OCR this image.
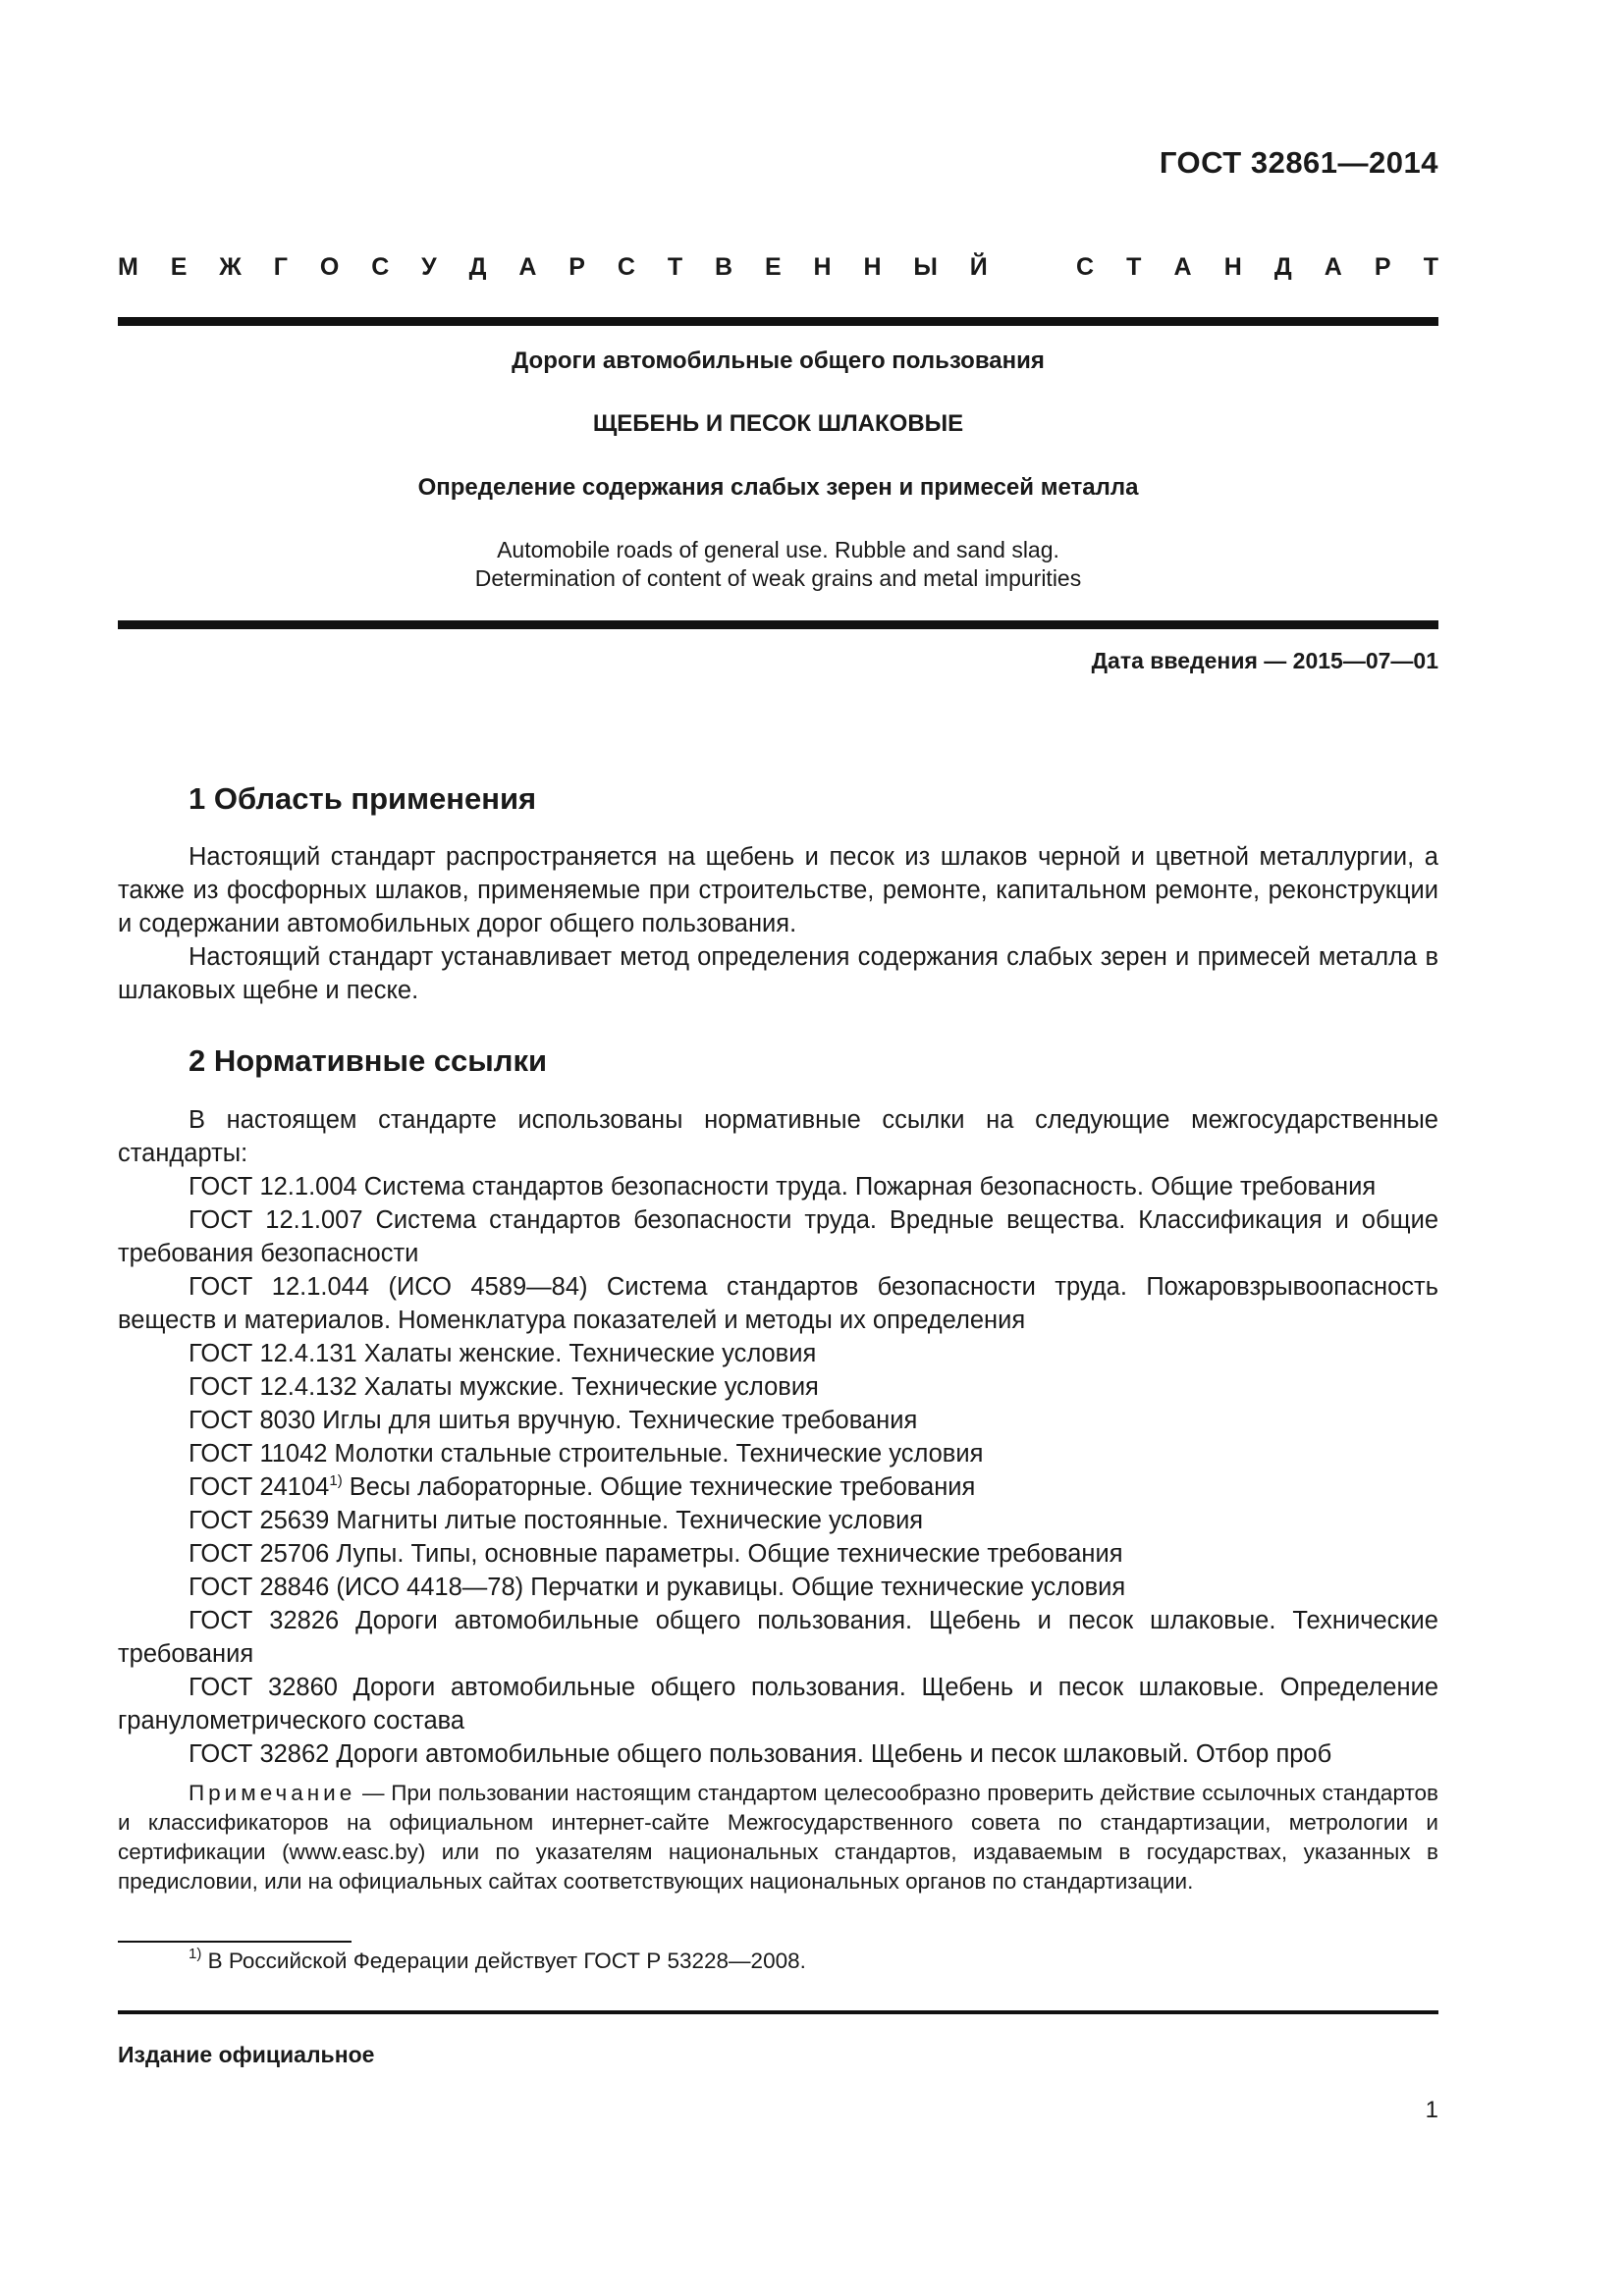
ГОСТ 32861—2014
М Е Ж Г О С У Д А Р С Т В Е Н Н Ы Й	С Т А Н Д А Р Т
Дороги автомобильные общего пользования
ЩЕБЕНЬ И ПЕСОК ШЛАКОВЫЕ
Определение содержания слабых зерен и примесей металла
Automobile roads of general use. Rubble and sand slag.
Determination of content of weak grains and metal impurities
Дата введения — 2015—07—01
1 Область применения

Настоящий стандарт распространяется на щебень и песок из шлаков черной и цветной металлургии, а также из фосфорных шлаков, применяемые при строительстве, ремонте, капитальном ремонте, реконструкции и содержании автомобильных дорог общего пользования.

Настоящий стандарт устанавливает метод определения содержания слабых зерен и примесей металла в шлаковых щебне и песке.

2 Нормативные ссылки

В настоящем стандарте использованы нормативные ссылки на следующие межгосударственные стандарты:

ГОСТ 12.1.004 Система стандартов безопасности труда. Пожарная безопасность. Общие требования

ГОСТ 12.1.007 Система стандартов безопасности труда. Вредные вещества. Классификация и общие требования безопасности

ГОСТ 12.1.044 (ИСО 4589—84) Система стандартов безопасности труда. Пожаровзрывоопасность веществ и материалов. Номенклатура показателей и методы их определения

ГОСТ 12.4.131 Халаты женские. Технические условия

ГОСТ 12.4.132 Халаты мужские. Технические условия

ГОСТ 8030 Иглы для шитья вручную. Технические требования

ГОСТ 11042 Молотки стальные строительные. Технические условия

ГОСТ 24104$^{1)}$ Весы лабораторные. Общие технические требования

ГОСТ 25639 Магниты литые постоянные. Технические условия

ГОСТ 25706 Лупы. Типы, основные параметры. Общие технические требования

ГОСТ 28846 (ИСО 4418—78) Перчатки и рукавицы. Общие технические условия

ГОСТ 32826 Дороги автомобильные общего пользования. Щебень и песок шлаковые. Технические требования

ГОСТ 32860 Дороги автомобильные общего пользования. Щебень и песок шлаковые. Определение гранулометрического состава

ГОСТ 32862 Дороги автомобильные общего пользования. Щебень и песок шлаковый. Отбор проб

Примечание — При пользовании настоящим стандартом целесообразно проверить действие ссылочных стандартов и классификаторов на официальном интернет-сайте Межгосударственного совета по стандартизации, метрологии и сертификации (www.easc.by) или по указателям национальных стандартов, издаваемым в государствах, указанных в предисловии, или на официальных сайтах соответствующих национальных органов по стандартизации.

$^{1)}$ В Российской Федерации действует ГОСТ Р 53228—2008.
Издание официальное
1
